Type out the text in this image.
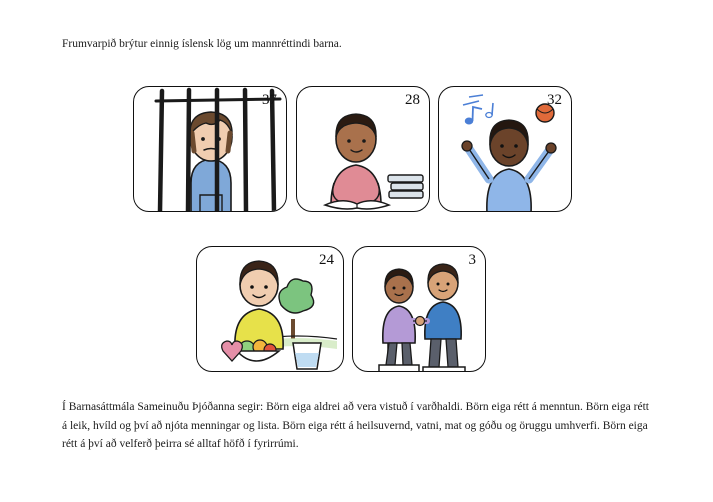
Frumvarpið brýtur einnig íslensk lög um mannréttindi barna.
37	28	32
24	3
Í Barnasáttmála Sameinuðu Þjóðanna segir: Börn eiga aldrei að vera vistuð í varðhaldi. Börn eiga rétt á menntun. Börn eiga rétt á leik, hvíld og því að njóta menningar og lista. Börn eiga rétt á heilsuvernd, vatni, mat og góðu og öruggu umhverfi. Börn eiga rétt á því að velferð þeirra sé alltaf höfð í fyrirrúmi.
